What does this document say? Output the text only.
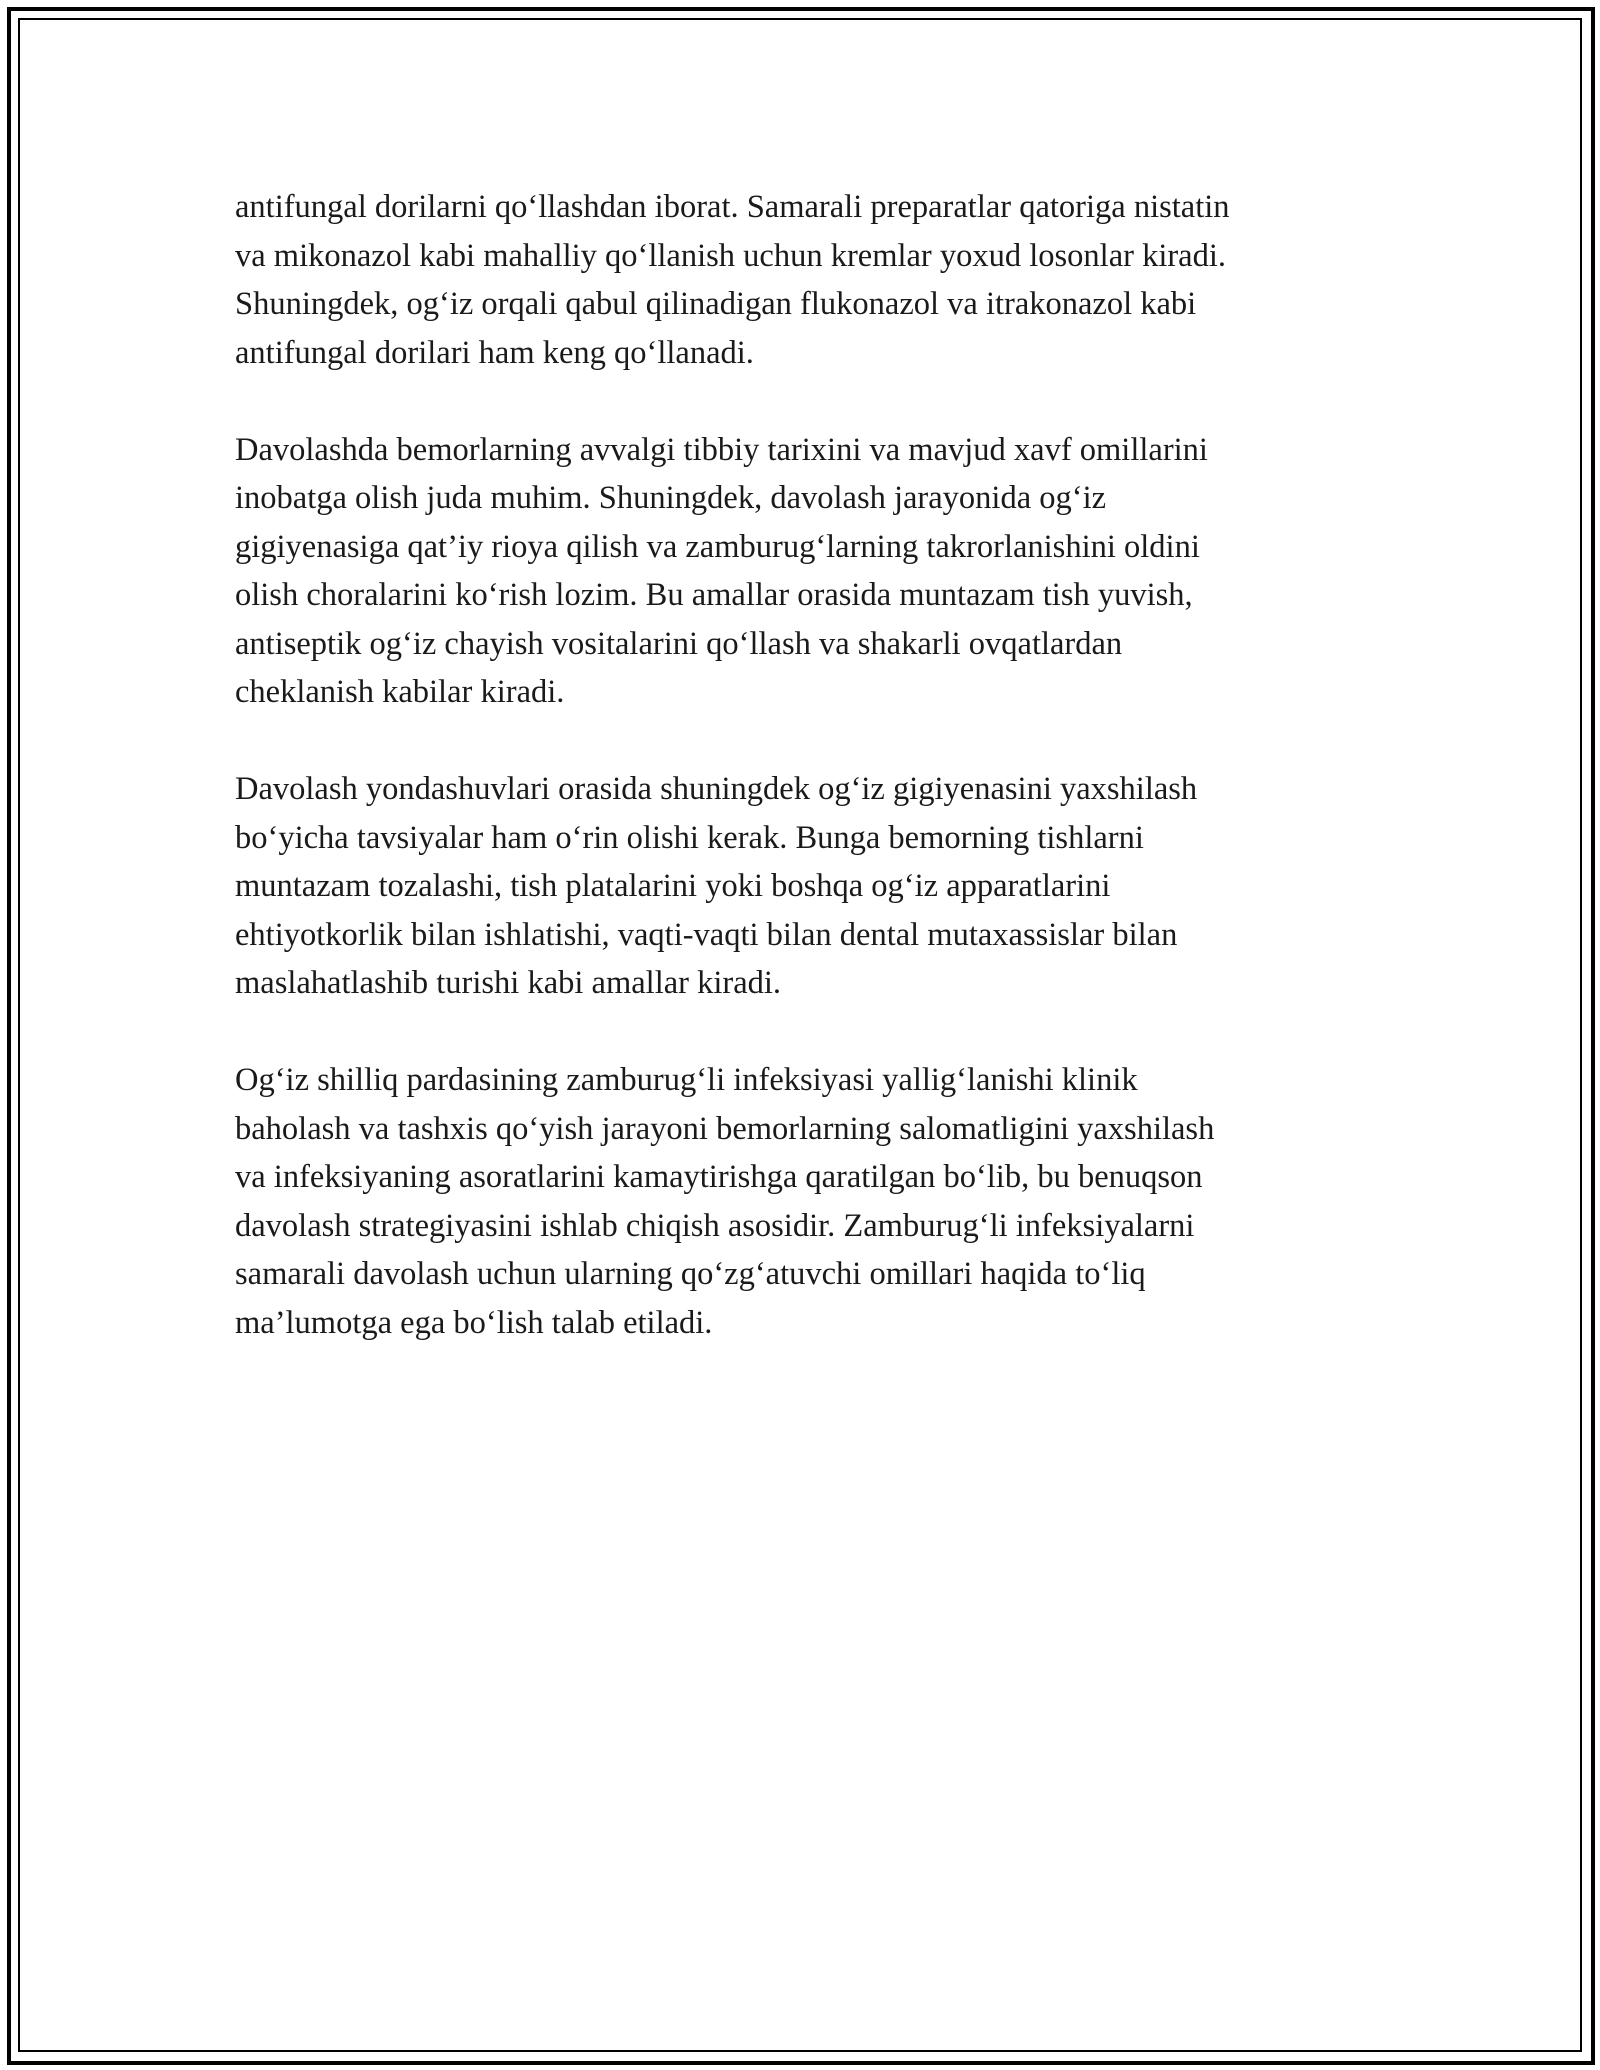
antifungal dorilarni qo‘llashdan iborat. Samarali preparatlar qatoriga nistatin
va mikonazol kabi mahalliy qo‘llanish uchun kremlar yoxud losonlar kiradi.
Shuningdek, og‘iz orqali qabul qilinadigan flukonazol va itrakonazol kabi
antifungal dorilari ham keng qo‘llanadi.

Davolashda bemorlarning avvalgi tibbiy tarixini va mavjud xavf omillarini
inobatga olish juda muhim. Shuningdek, davolash jarayonida og‘iz
gigiyenasiga qat’iy rioya qilish va zamburug‘larning takrorlanishini oldini
olish choralarini ko‘rish lozim. Bu amallar orasida muntazam tish yuvish,
antiseptik og‘iz chayish vositalarini qo‘llash va shakarli ovqatlardan
cheklanish kabilar kiradi.

Davolash yondashuvlari orasida shuningdek og‘iz gigiyenasini yaxshilash
bo‘yicha tavsiyalar ham o‘rin olishi kerak. Bunga bemorning tishlarni
muntazam tozalashi, tish platalarini yoki boshqa og‘iz apparatlarini
ehtiyotkorlik bilan ishlatishi, vaqti-vaqti bilan dental mutaxassislar bilan
maslahatlashib turishi kabi amallar kiradi.

Og‘iz shilliq pardasining zamburug‘li infeksiyasi yallig‘lanishi klinik
baholash va tashxis qo‘yish jarayoni bemorlarning salomatligini yaxshilash
va infeksiyaning asoratlarini kamaytirishga qaratilgan bo‘lib, bu benuqson
davolash strategiyasini ishlab chiqish asosidir. Zamburug‘li infeksiyalarni
samarali davolash uchun ularning qo‘zg‘atuvchi omillari haqida to‘liq
ma’lumotga ega bo‘lish talab etiladi.
